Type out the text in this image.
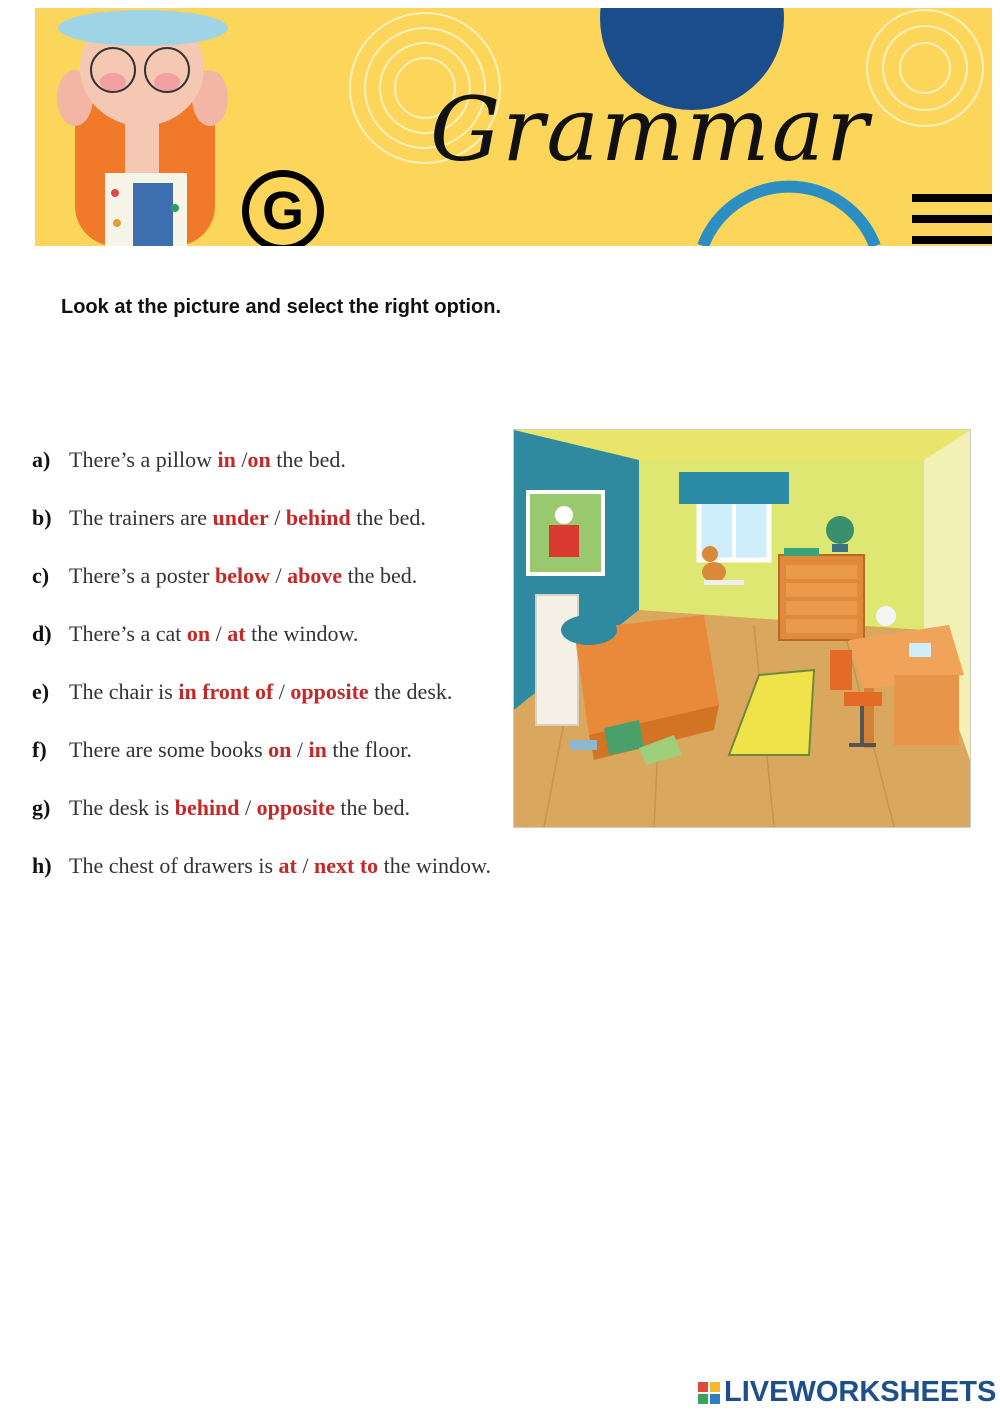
G
Grammar
Look at the picture and select the right option.
a) There’s a pillow in /on the bed.
b) The trainers are under / behind the bed.
c) There’s a poster below / above the bed.
d) There’s a cat on / at the window.
e) The chair is in front of / opposite the desk.
f)	There are some books on / in the floor.
g) The desk is behind / opposite the bed.
h) The chest of drawers is at / next to the window.
LIVEWORKSHEETS
